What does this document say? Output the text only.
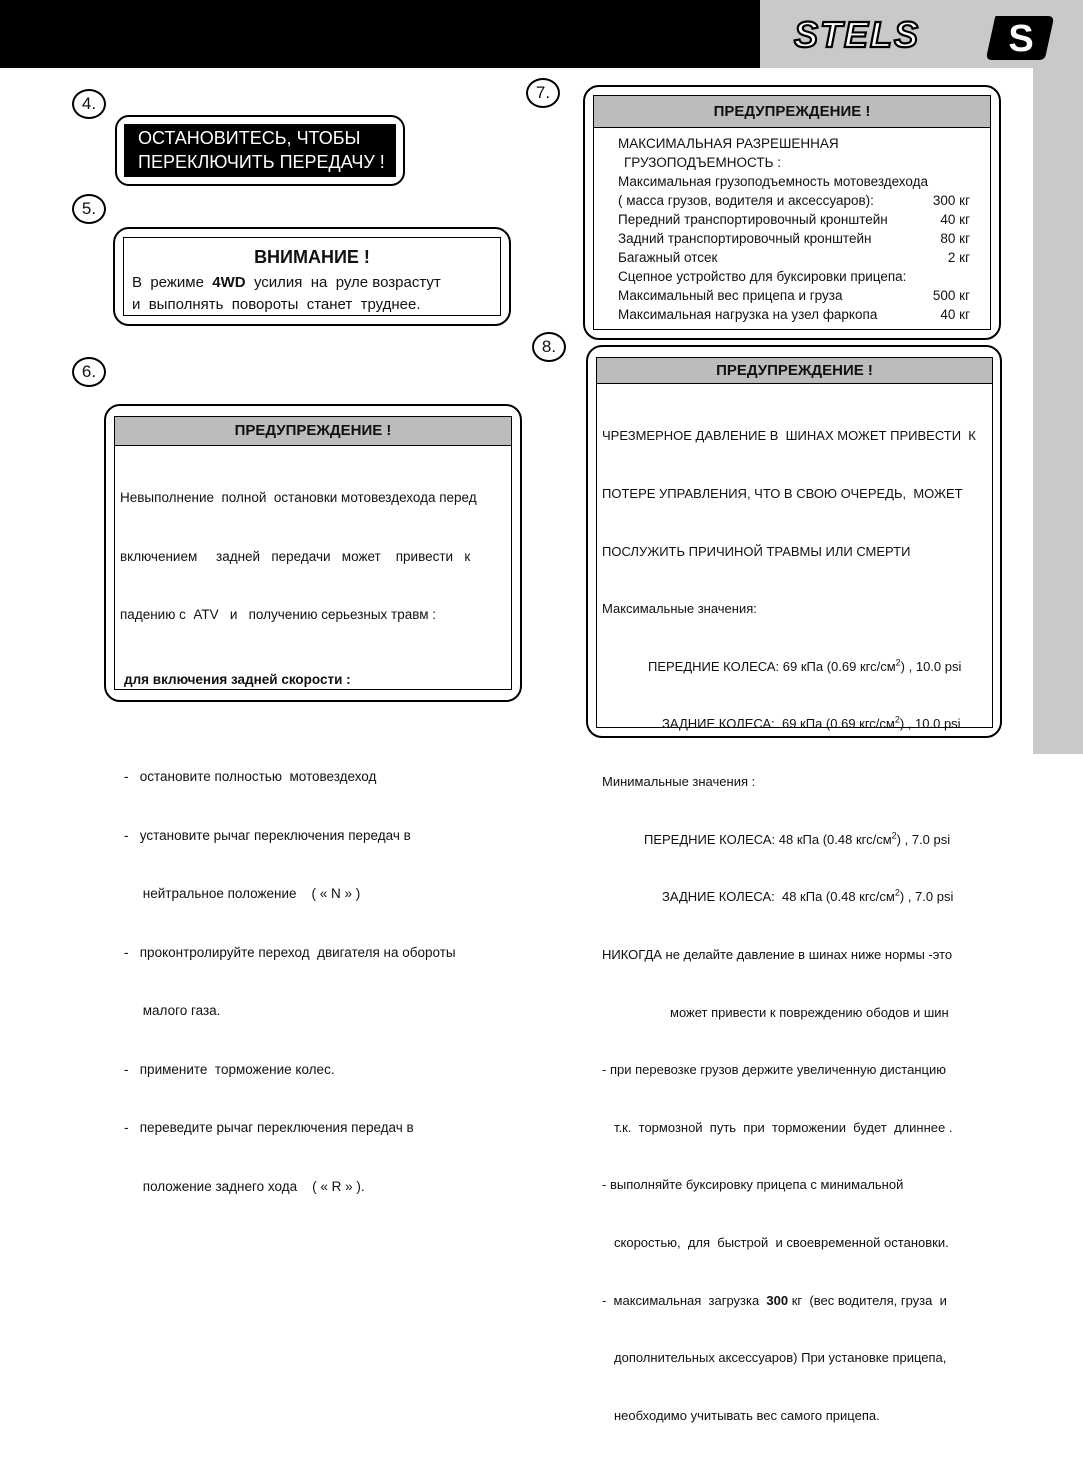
STELS S
4.
5.
6.
7.
8.
ОСТАНОВИТЕСЬ, ЧТОБЫ
ПЕРЕКЛЮЧИТЬ ПЕРЕДАЧУ !
ВНИМАНИЕ !
В  режиме  4WD  усилия  на  руле возрастут
и  выполнять  повороты  станет  труднее.
ПРЕДУПРЕЖДЕНИЕ !

Невыполнение  полной  остановки мотовездехода перед

включением     задней   передачи   может    привести   к

падению с  ATV   и   получению серьезных травм :

для включения задней скорости :

-   остановите полностью  мотовездеход

-   установите рычаг переключения передач в

нейтральное положение    ( « N » )

-   проконтролируйте переход  двигателя на обороты

малого газа.

-   примените  торможение колес.

-   переведите рычаг переключения передач в

положение заднего хода    ( « R » ).

ПРЕДУПРЕЖДЕНИЕ !
МАКСИМАЛЬНАЯ РАЗРЕШЕННАЯ
ГРУЗОПОДЪЕМНОСТЬ :
Максимальная грузоподъемность мотовездехода
( масса грузов, водителя и аксессуаров):	300 кг
Передний транспортировочный кронштейн	40 кг
Задний транспортировочный кронштейн	80 кг
Багажный отсек	2 кг
Сцепное устройство для буксировки прицепа:
Максимальный вес прицепа и груза	500 кг
Максимальная нагрузка на узел фаркопа	40 кг
ПРЕДУПРЕЖДЕНИЕ !

ЧРЕЗМЕРНОЕ ДАВЛЕНИЕ В  ШИНАХ МОЖЕТ ПРИВЕСТИ  К

ПОТЕРЕ УПРАВЛЕНИЯ, ЧТО В СВОЮ ОЧЕРЕДЬ,  МОЖЕТ

ПОСЛУЖИТЬ ПРИЧИНОЙ ТРАВМЫ ИЛИ СМЕРТИ

Максимальные значения:

ПЕРЕДНИЕ КОЛЕСА: 69 кПа (0.69 кгс/$см^2$) , 10.0 psi

ЗАДНИЕ КОЛЕСА:  69 кПа (0.69 кгс/$см^2$) , 10.0 psi

Минимальные значения :

ПЕРЕДНИЕ КОЛЕСА: 48 кПа (0.48 кгс/$см^2$) , 7.0 psi

ЗАДНИЕ КОЛЕСА:  48 кПа (0.48 кгс/$см^2$) , 7.0 psi

НИКОГДА не делайте давление в шинах ниже нормы -это

может привести к повреждению ободов и шин

- при перевозке грузов держите увеличенную дистанцию

т.к.  тормозной  путь  при  торможении  будет  длиннее .

- выполняйте буксировку прицепа с минимальной

скоростью,  для  быстрой  и своевременной остановки.

-  максимальная  загрузка  300 кг  (вес водителя, груза  и

дополнительных аксессуаров) При установке прицепа,

необходимо учитывать вес самого прицепа.
